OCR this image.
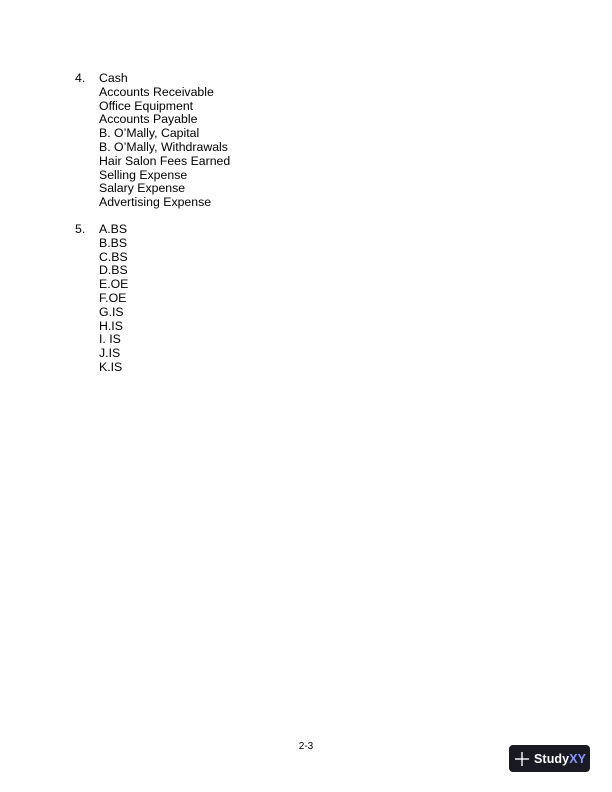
4. Cash
Accounts Receivable
Office Equipment
Accounts Payable
B. O’Mally, Capital
B. O’Mally, Withdrawals
Hair Salon Fees Earned
Selling Expense
Salary Expense
Advertising Expense
5. A.BS
B.BS
C.BS
D.BS
E.OE
F.OE
G.IS
H.IS
I. IS
J.IS
K.IS
2-3
StudyXY
